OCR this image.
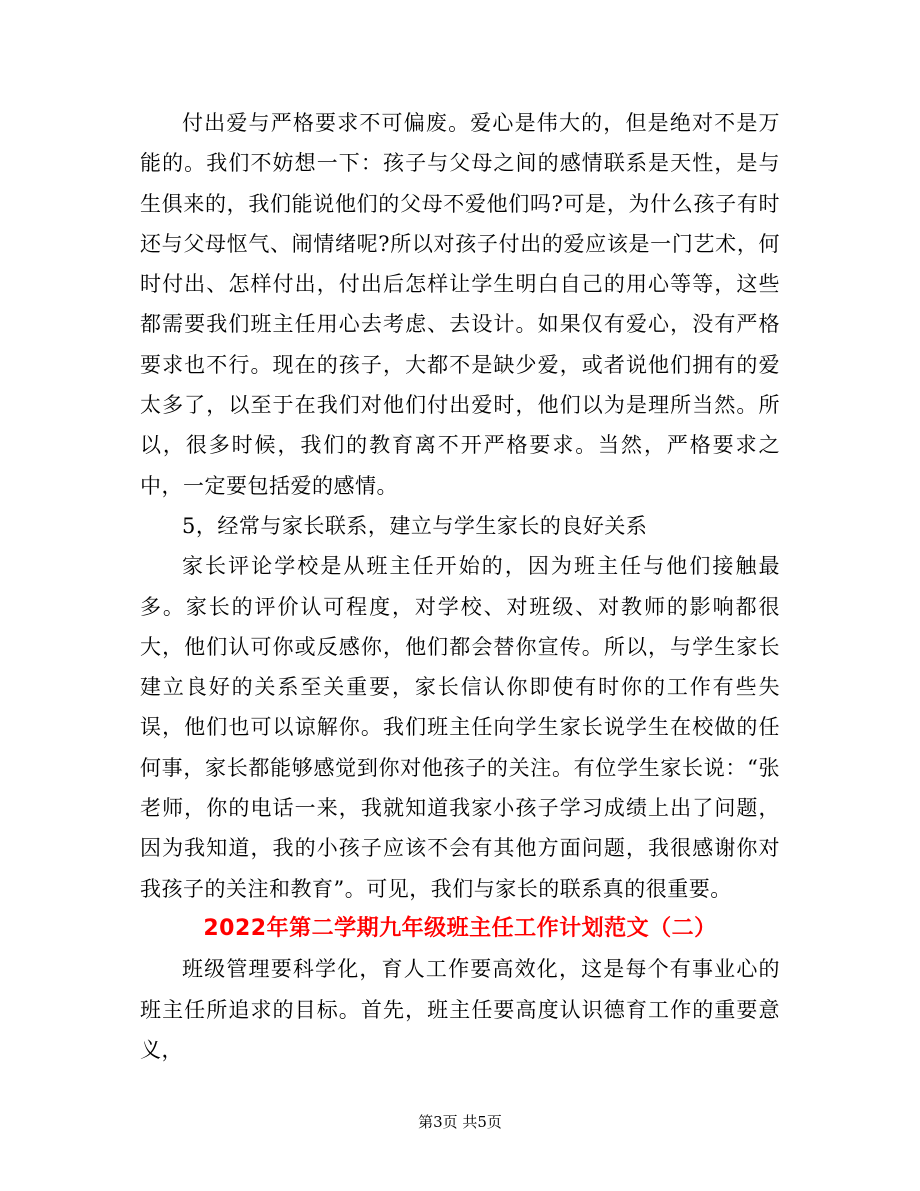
付出爱与严格要求不可偏废。爱心是伟大的，但是绝对不是万能的。我们不妨想一下：孩子与父母之间的感情联系是天性，是与生俱来的，我们能说他们的父母不爱他们吗?可是，为什么孩子有时还与父母怄气、闹情绪呢?所以对孩子付出的爱应该是一门艺术，何时付出、怎样付出，付出后怎样让学生明白自己的用心等等，这些都需要我们班主任用心去考虑、去设计。如果仅有爱心，没有严格要求也不行。现在的孩子，大都不是缺少爱，或者说他们拥有的爱太多了，以至于在我们对他们付出爱时，他们以为是理所当然。所以，很多时候，我们的教育离不开严格要求。当然，严格要求之中，一定要包括爱的感情。

5，经常与家长联系，建立与学生家长的良好关系

家长评论学校是从班主任开始的，因为班主任与他们接触最多。家长的评价认可程度，对学校、对班级、对教师的影响都很大，他们认可你或反感你，他们都会替你宣传。所以，与学生家长建立良好的关系至关重要，家长信认你即使有时你的工作有些失误，他们也可以谅解你。我们班主任向学生家长说学生在校做的任何事，家长都能够感觉到你对他孩子的关注。有位学生家长说：“张老师，你的电话一来，我就知道我家小孩子学习成绩上出了问题，因为我知道，我的小孩子应该不会有其他方面问题，我很感谢你对我孩子的关注和教育”。可见，我们与家长的联系真的很重要。

2022年第二学期九年级班主任工作计划范文（二）

班级管理要科学化，育人工作要高效化，这是每个有事业心的班主任所追求的目标。首先，班主任要高度认识德育工作的重要意义，

第3页 共5页
